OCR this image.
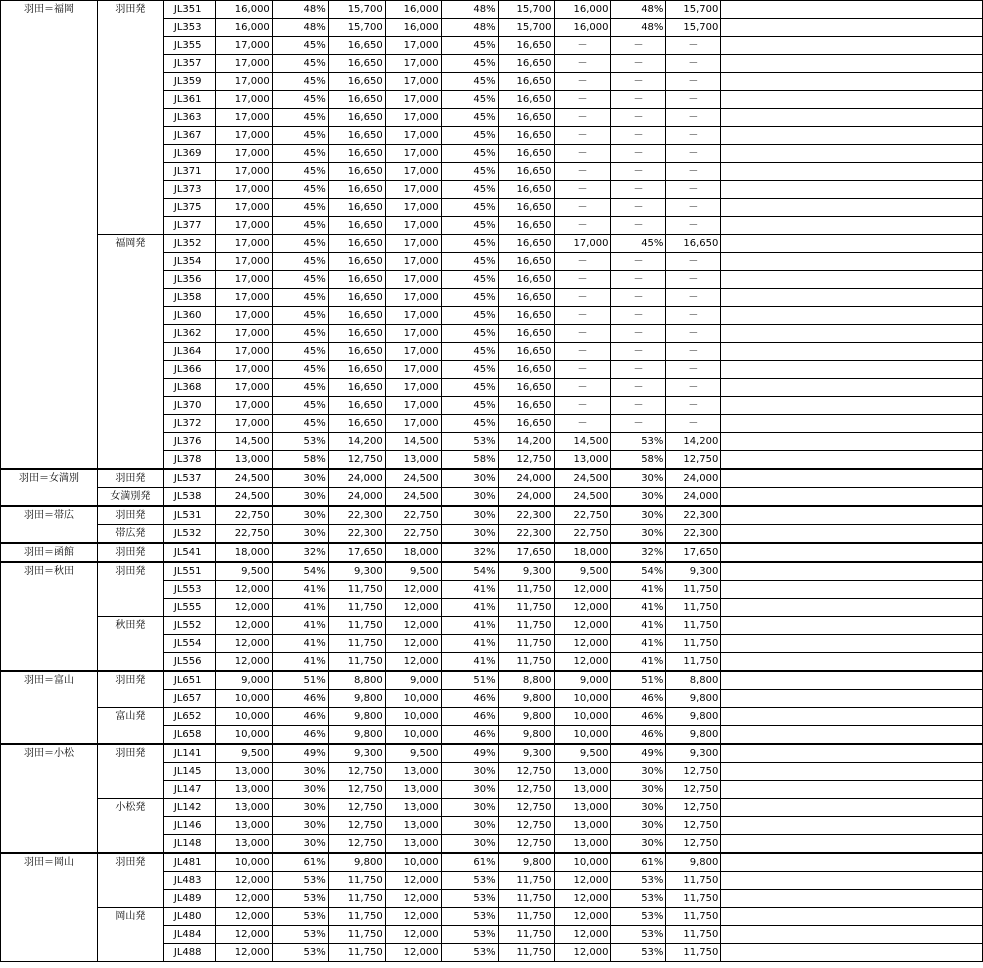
羽田＝福岡	羽田発	JL351	16,000	48%	15,700	16,000	48%	15,700	16,000	48%	15,700	
		JL353	16,000	48%	15,700	16,000	48%	15,700	16,000	48%	15,700	
		JL355	17,000	45%	16,650	17,000	45%	16,650	－	－	－	
		JL357	17,000	45%	16,650	17,000	45%	16,650	－	－	－	
		JL359	17,000	45%	16,650	17,000	45%	16,650	－	－	－	
		JL361	17,000	45%	16,650	17,000	45%	16,650	－	－	－	
		JL363	17,000	45%	16,650	17,000	45%	16,650	－	－	－	
		JL367	17,000	45%	16,650	17,000	45%	16,650	－	－	－	
		JL369	17,000	45%	16,650	17,000	45%	16,650	－	－	－	
		JL371	17,000	45%	16,650	17,000	45%	16,650	－	－	－	
		JL373	17,000	45%	16,650	17,000	45%	16,650	－	－	－	
		JL375	17,000	45%	16,650	17,000	45%	16,650	－	－	－	
		JL377	17,000	45%	16,650	17,000	45%	16,650	－	－	－	
	福岡発	JL352	17,000	45%	16,650	17,000	45%	16,650	17,000	45%	16,650	
		JL354	17,000	45%	16,650	17,000	45%	16,650	－	－	－	
		JL356	17,000	45%	16,650	17,000	45%	16,650	－	－	－	
		JL358	17,000	45%	16,650	17,000	45%	16,650	－	－	－	
		JL360	17,000	45%	16,650	17,000	45%	16,650	－	－	－	
		JL362	17,000	45%	16,650	17,000	45%	16,650	－	－	－	
		JL364	17,000	45%	16,650	17,000	45%	16,650	－	－	－	
		JL366	17,000	45%	16,650	17,000	45%	16,650	－	－	－	
		JL368	17,000	45%	16,650	17,000	45%	16,650	－	－	－	
		JL370	17,000	45%	16,650	17,000	45%	16,650	－	－	－	
		JL372	17,000	45%	16,650	17,000	45%	16,650	－	－	－	
		JL376	14,500	53%	14,200	14,500	53%	14,200	14,500	53%	14,200	
		JL378	13,000	58%	12,750	13,000	58%	12,750	13,000	58%	12,750	
羽田＝女満別	羽田発	JL537	24,500	30%	24,000	24,500	30%	24,000	24,500	30%	24,000	
	女満別発	JL538	24,500	30%	24,000	24,500	30%	24,000	24,500	30%	24,000	
羽田＝帯広	羽田発	JL531	22,750	30%	22,300	22,750	30%	22,300	22,750	30%	22,300	
	帯広発	JL532	22,750	30%	22,300	22,750	30%	22,300	22,750	30%	22,300	
羽田＝函館	羽田発	JL541	18,000	32%	17,650	18,000	32%	17,650	18,000	32%	17,650	
羽田＝秋田	羽田発	JL551	9,500	54%	9,300	9,500	54%	9,300	9,500	54%	9,300	
		JL553	12,000	41%	11,750	12,000	41%	11,750	12,000	41%	11,750	
		JL555	12,000	41%	11,750	12,000	41%	11,750	12,000	41%	11,750	
	秋田発	JL552	12,000	41%	11,750	12,000	41%	11,750	12,000	41%	11,750	
		JL554	12,000	41%	11,750	12,000	41%	11,750	12,000	41%	11,750	
		JL556	12,000	41%	11,750	12,000	41%	11,750	12,000	41%	11,750	
羽田＝富山	羽田発	JL651	9,000	51%	8,800	9,000	51%	8,800	9,000	51%	8,800	
		JL657	10,000	46%	9,800	10,000	46%	9,800	10,000	46%	9,800	
	富山発	JL652	10,000	46%	9,800	10,000	46%	9,800	10,000	46%	9,800	
		JL658	10,000	46%	9,800	10,000	46%	9,800	10,000	46%	9,800	
羽田＝小松	羽田発	JL141	9,500	49%	9,300	9,500	49%	9,300	9,500	49%	9,300	
		JL145	13,000	30%	12,750	13,000	30%	12,750	13,000	30%	12,750	
		JL147	13,000	30%	12,750	13,000	30%	12,750	13,000	30%	12,750	
	小松発	JL142	13,000	30%	12,750	13,000	30%	12,750	13,000	30%	12,750	
		JL146	13,000	30%	12,750	13,000	30%	12,750	13,000	30%	12,750	
		JL148	13,000	30%	12,750	13,000	30%	12,750	13,000	30%	12,750	
羽田＝岡山	羽田発	JL481	10,000	61%	9,800	10,000	61%	9,800	10,000	61%	9,800	
		JL483	12,000	53%	11,750	12,000	53%	11,750	12,000	53%	11,750	
		JL489	12,000	53%	11,750	12,000	53%	11,750	12,000	53%	11,750	
	岡山発	JL480	12,000	53%	11,750	12,000	53%	11,750	12,000	53%	11,750	
		JL484	12,000	53%	11,750	12,000	53%	11,750	12,000	53%	11,750	
		JL488	12,000	53%	11,750	12,000	53%	11,750	12,000	53%	11,750	
